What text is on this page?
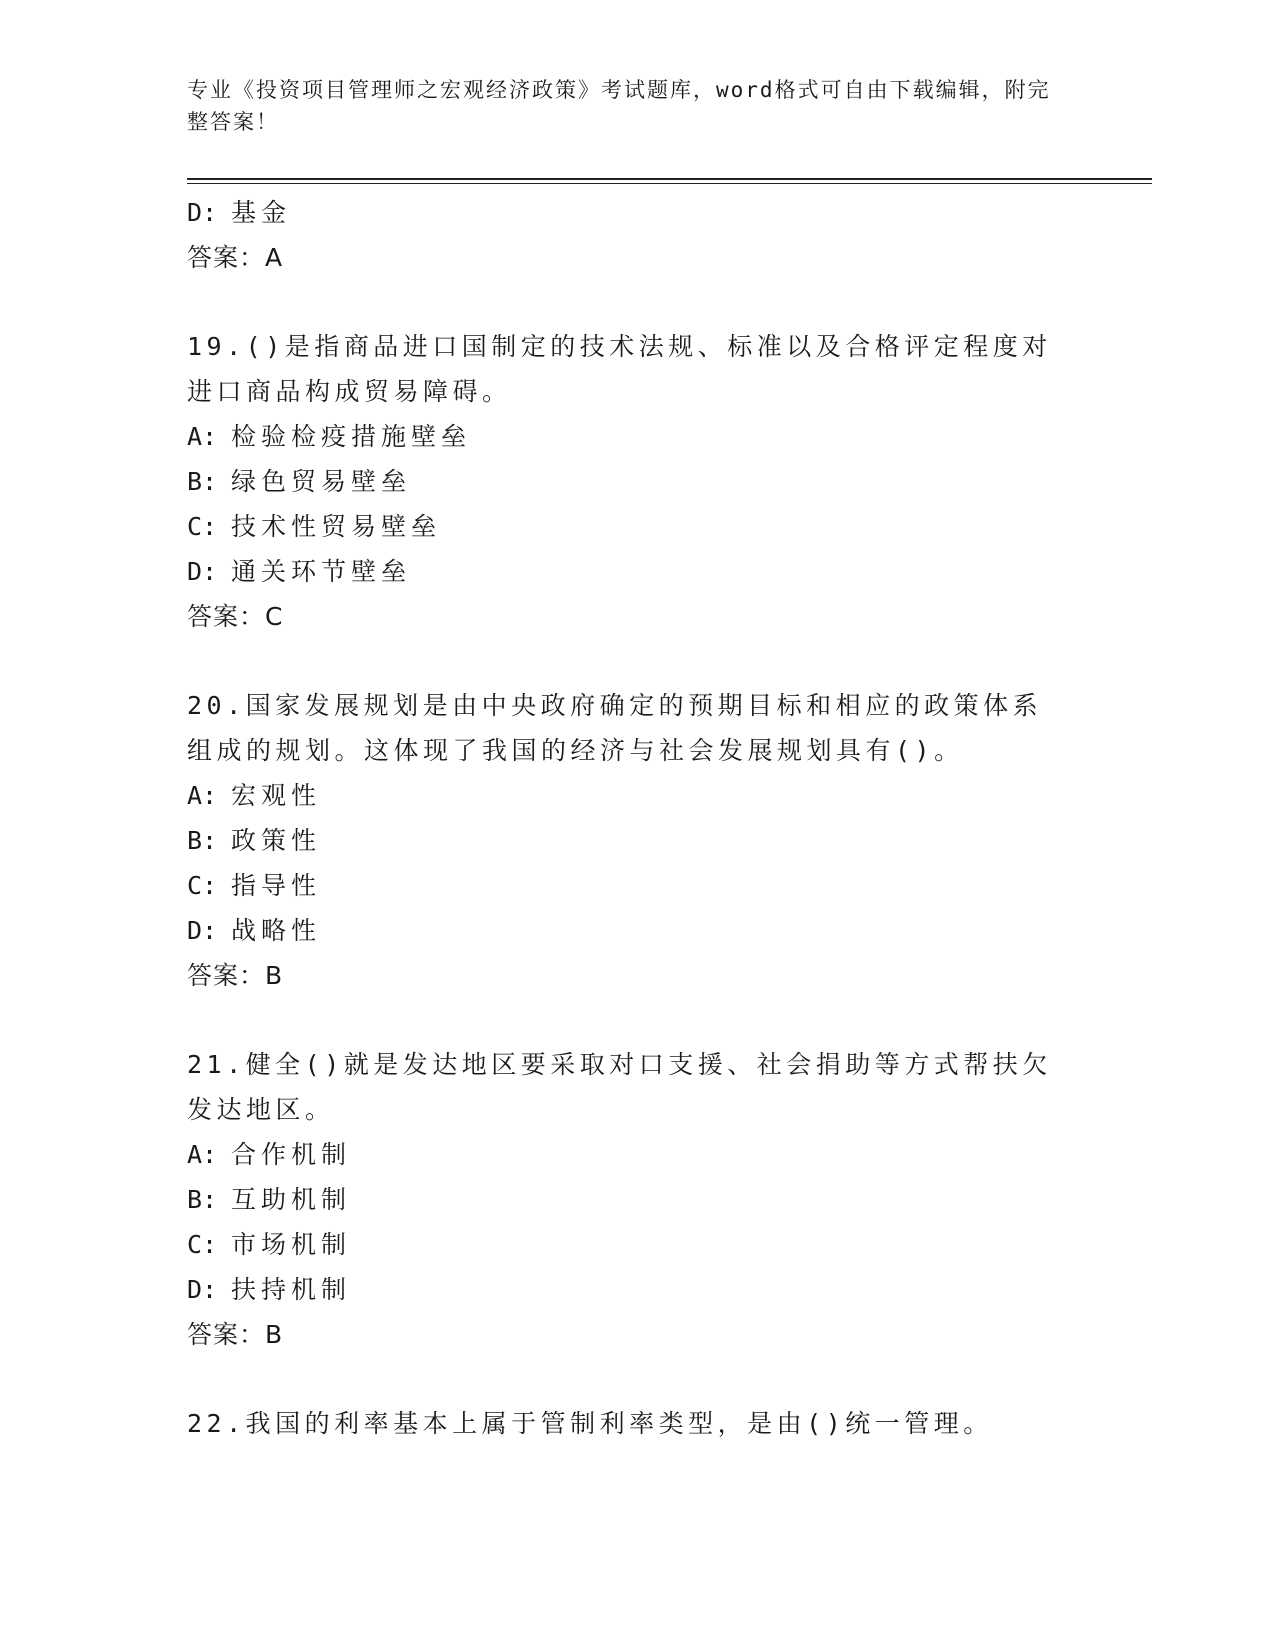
专业《投资项目管理师之宏观经济政策》考试题库，word格式可自由下载编辑，附完整答案！
D: 基金
答案：A
19.()是指商品进口国制定的技术法规、标准以及合格评定程度对进口商品构成贸易障碍。
A: 检验检疫措施壁垒
B: 绿色贸易壁垒
C: 技术性贸易壁垒
D: 通关环节壁垒
答案：C
20.国家发展规划是由中央政府确定的预期目标和相应的政策体系组成的规划。这体现了我国的经济与社会发展规划具有()。
A: 宏观性
B: 政策性
C: 指导性
D: 战略性
答案：B
21.健全()就是发达地区要采取对口支援、社会捐助等方式帮扶欠发达地区。
A: 合作机制
B: 互助机制
C: 市场机制
D: 扶持机制
答案：B
22.我国的利率基本上属于管制利率类型，是由()统一管理。
